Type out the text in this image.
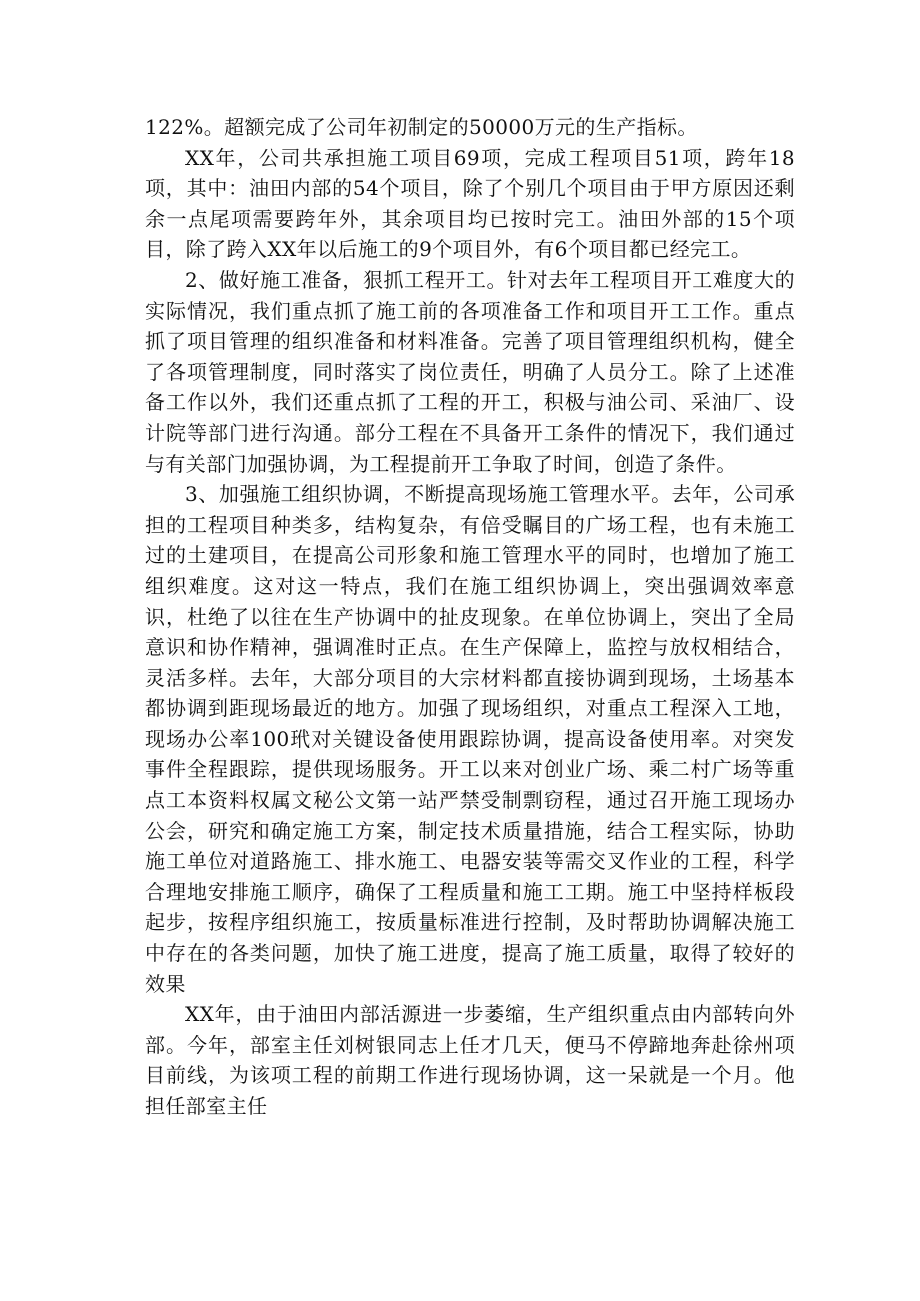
122%。超额完成了公司年初制定的50000万元的生产指标。

XX年，公司共承担施工项目69项，完成工程项目51项，跨年18项，其中：油田内部的54个项目，除了个别几个项目由于甲方原因还剩余一点尾项需要跨年外，其余项目均已按时完工。油田外部的15个项目，除了跨入XX年以后施工的9个项目外，有6个项目都已经完工。

2、做好施工准备，狠抓工程开工。针对去年工程项目开工难度大的实际情况，我们重点抓了施工前的各项准备工作和项目开工工作。重点抓了项目管理的组织准备和材料准备。完善了项目管理组织机构，健全了各项管理制度，同时落实了岗位责任，明确了人员分工。除了上述准备工作以外，我们还重点抓了工程的开工，积极与油公司、采油厂、设计院等部门进行沟通。部分工程在不具备开工条件的情况下，我们通过与有关部门加强协调，为工程提前开工争取了时间，创造了条件。

3、加强施工组织协调，不断提高现场施工管理水平。去年，公司承担的工程项目种类多，结构复杂，有倍受瞩目的广场工程，也有未施工过的土建项目，在提高公司形象和施工管理水平的同时，也增加了施工组织难度。这对这一特点，我们在施工组织协调上，突出强调效率意识，杜绝了以往在生产协调中的扯皮现象。在单位协调上，突出了全局意识和协作精神，强调准时正点。在生产保障上，监控与放权相结合，灵活多样。去年，大部分项目的大宗材料都直接协调到现场，土场基本都协调到距现场最近的地方。加强了现场组织，对重点工程深入工地，现场办公率100玳对关键设备使用跟踪协调，提高设备使用率。对突发事件全程跟踪，提供现场服务。开工以来对创业广场、乘二村广场等重点工本资料权属文秘公文第一站严禁受制剽窃程，通过召开施工现场办公会，研究和确定施工方案，制定技术质量措施，结合工程实际，协助施工单位对道路施工、排水施工、电器安装等需交叉作业的工程，科学合理地安排施工顺序，确保了工程质量和施工工期。施工中坚持样板段起步，按程序组织施工，按质量标准进行控制，及时帮助协调解决施工中存在的各类问题，加快了施工进度，提高了施工质量，取得了较好的效果

XX年，由于油田内部活源进一步萎缩，生产组织重点由内部转向外部。今年，部室主任刘树银同志上任才几天，便马不停蹄地奔赴徐州项目前线，为该项工程的前期工作进行现场协调，这一呆就是一个月。他担任部室主任
